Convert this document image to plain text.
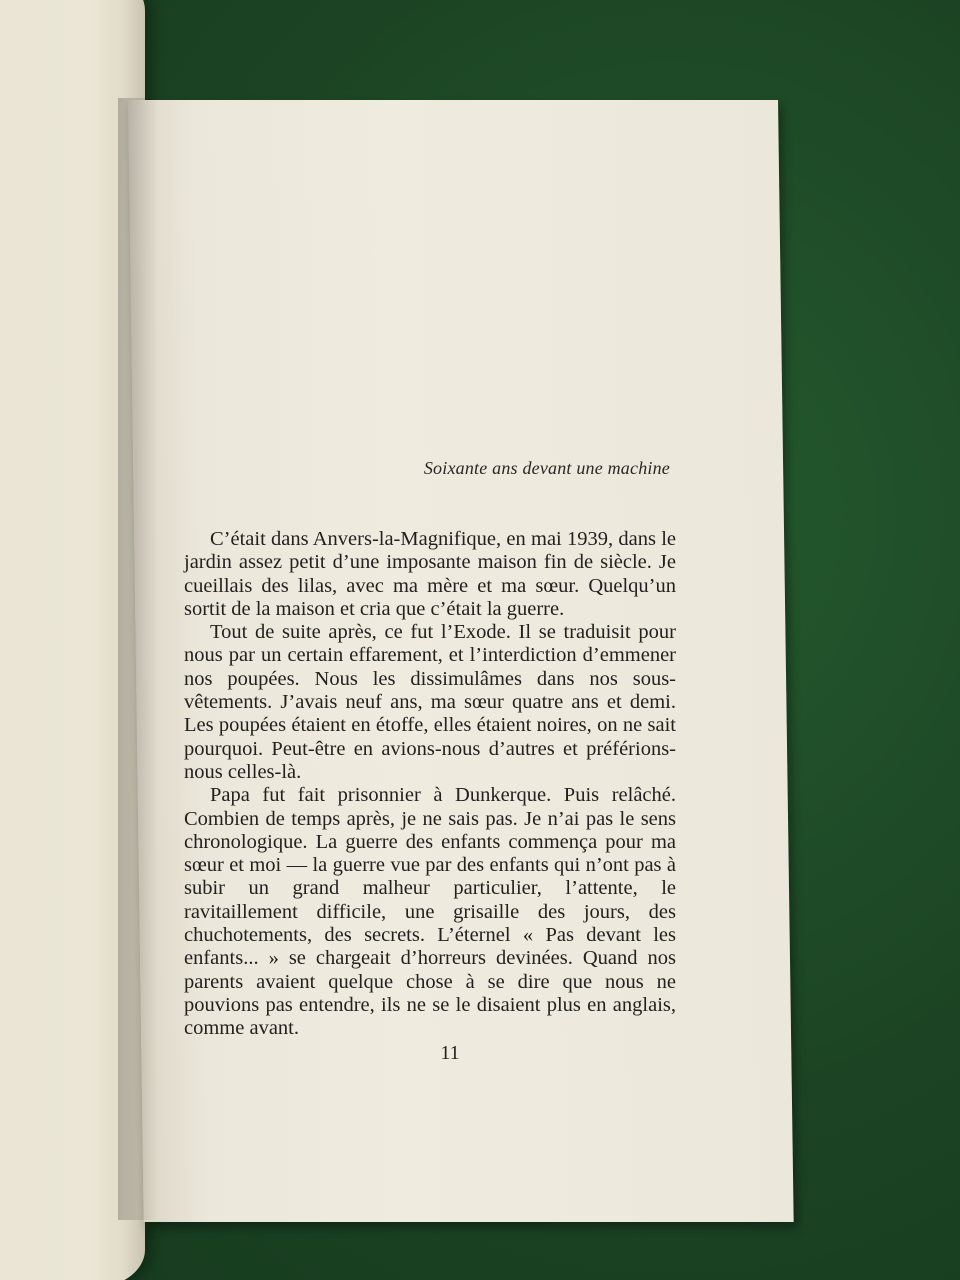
Soixante ans devant une machine

C’était dans Anvers-la-Magnifique, en mai 1939, dans le jardin assez petit d’une imposante maison fin de siècle. Je cueillais des lilas, avec ma mère et ma sœur. Quelqu’un sortit de la maison et cria que c’était la guerre.

Tout de suite après, ce fut l’Exode. Il se traduisit pour nous par un certain effarement, et l’interdiction d’emmener nos poupées. Nous les dissimulâmes dans nos sous-vêtements. J’avais neuf ans, ma sœur quatre ans et demi. Les poupées étaient en étoffe, elles étaient noires, on ne sait pourquoi. Peut-être en avions-nous d’autres et préférions-nous celles-là.

Papa fut fait prisonnier à Dunkerque. Puis relâché. Combien de temps après, je ne sais pas. Je n’ai pas le sens chronologique. La guerre des enfants commença pour ma sœur et moi — la guerre vue par des enfants qui n’ont pas à subir un grand malheur particulier, l’attente, le ravitaillement difficile, une grisaille des jours, des chuchotements, des secrets. L’éternel « Pas devant les enfants... » se chargeait d’horreurs devinées. Quand nos parents avaient quelque chose à se dire que nous ne pouvions pas entendre, ils ne se le disaient plus en anglais, comme avant.

11
